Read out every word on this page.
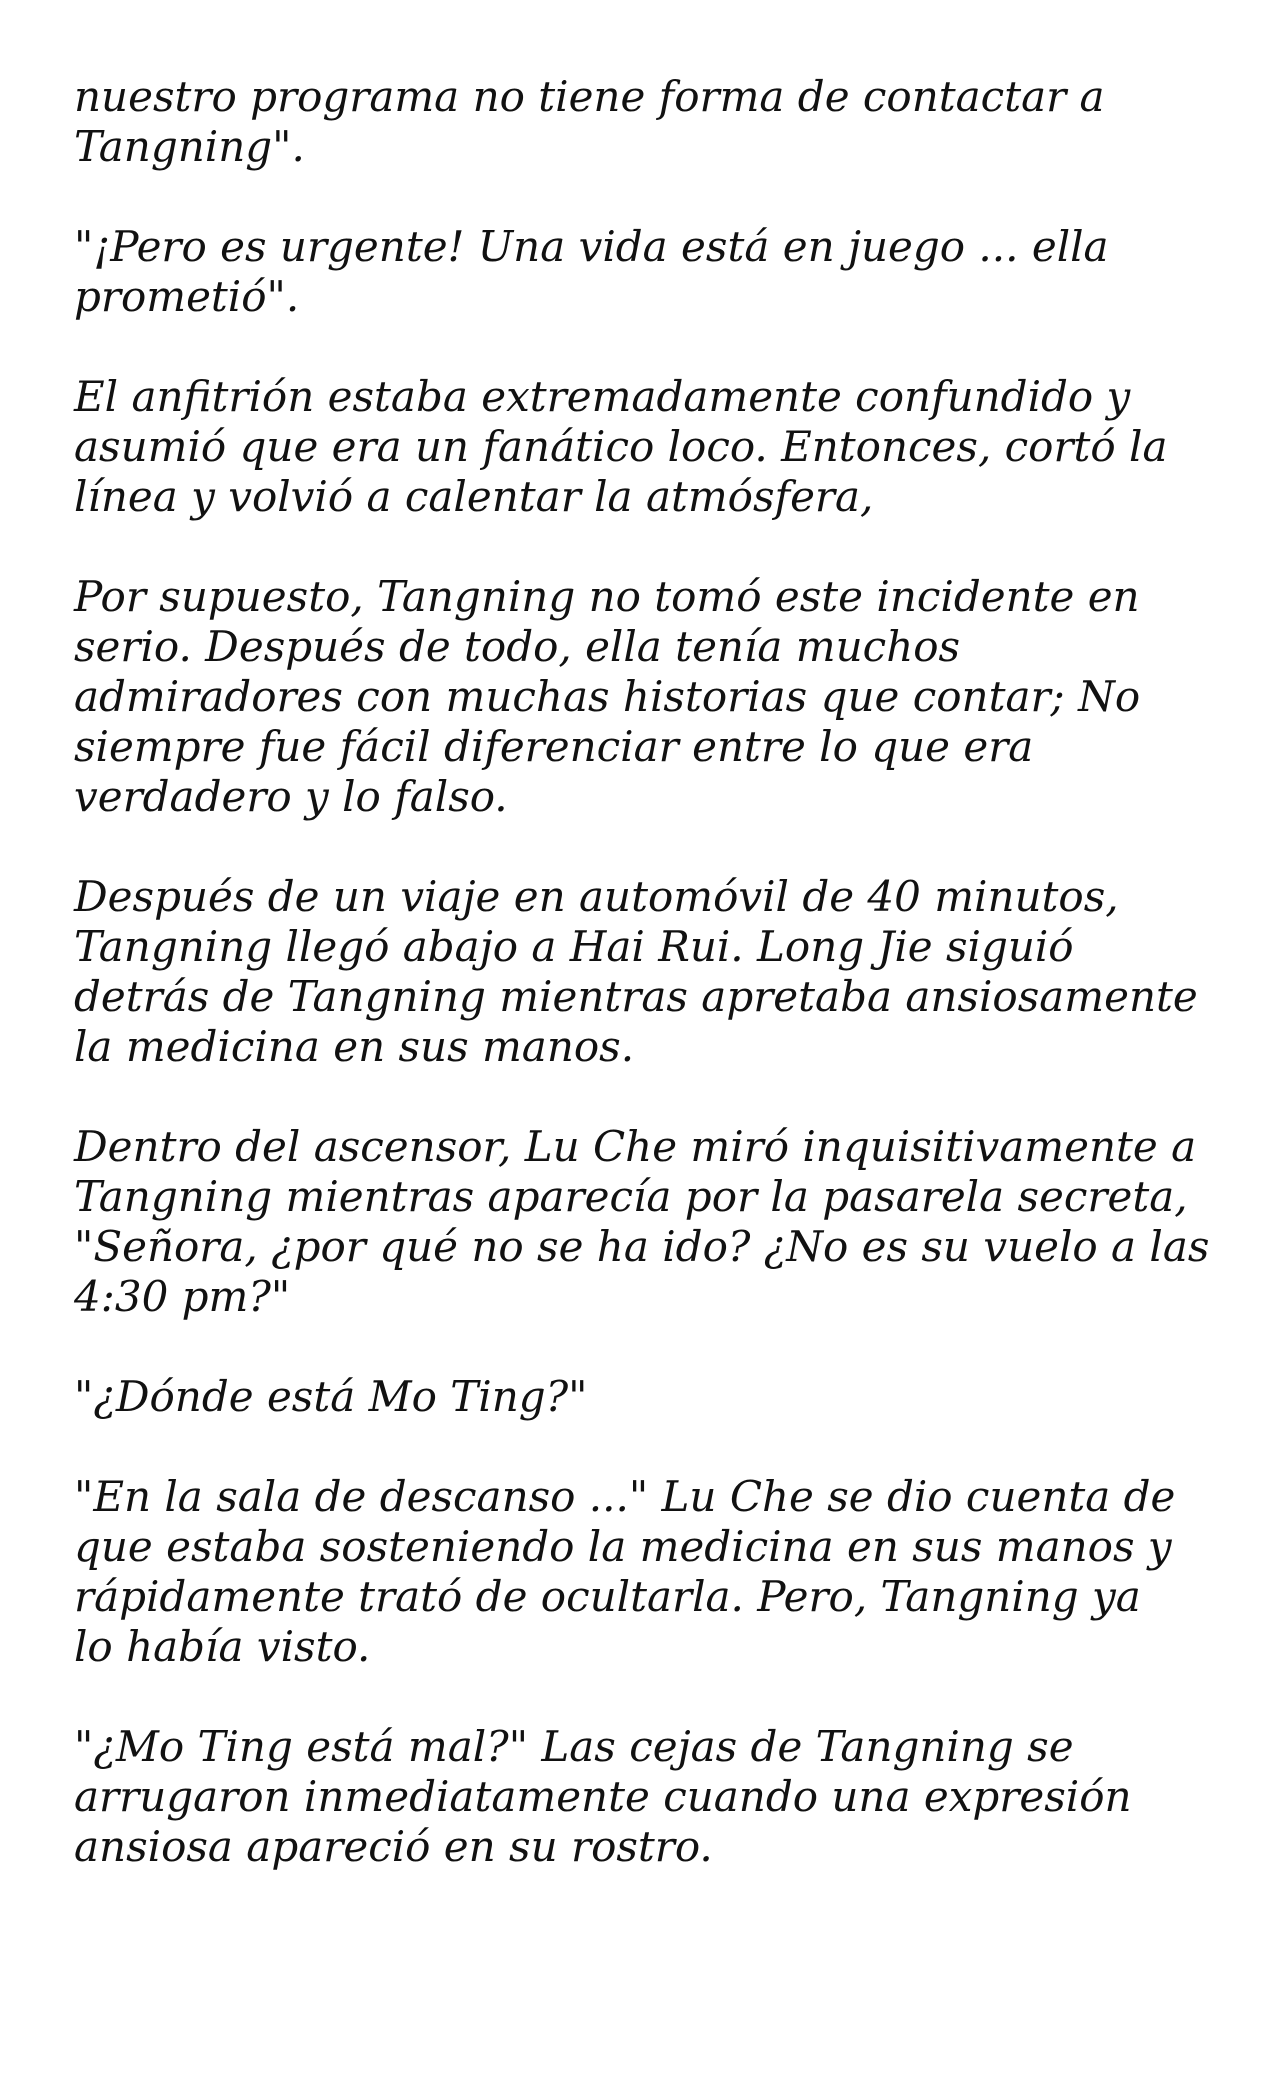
nuestro programa no tiene forma de contactar a
Tangning".

"¡Pero es urgente! Una vida está en juego ... ella
prometió".

El anfitrión estaba extremadamente confundido y
asumió que era un fanático loco. Entonces, cortó la
línea y volvió a calentar la atmósfera,

Por supuesto, Tangning no tomó este incidente en
serio. Después de todo, ella tenía muchos
admiradores con muchas historias que contar; No
siempre fue fácil diferenciar entre lo que era
verdadero y lo falso.

Después de un viaje en automóvil de 40 minutos,
Tangning llegó abajo a Hai Rui. Long Jie siguió
detrás de Tangning mientras apretaba ansiosamente
la medicina en sus manos.

Dentro del ascensor, Lu Che miró inquisitivamente a
Tangning mientras aparecía por la pasarela secreta,
"Señora, ¿por qué no se ha ido? ¿No es su vuelo a las
4:30 pm?"

"¿Dónde está Mo Ting?"

"En la sala de descanso ..." Lu Che se dio cuenta de
que estaba sosteniendo la medicina en sus manos y
rápidamente trató de ocultarla. Pero, Tangning ya
lo había visto.

"¿Mo Ting está mal?" Las cejas de Tangning se
arrugaron inmediatamente cuando una expresión
ansiosa apareció en su rostro.
